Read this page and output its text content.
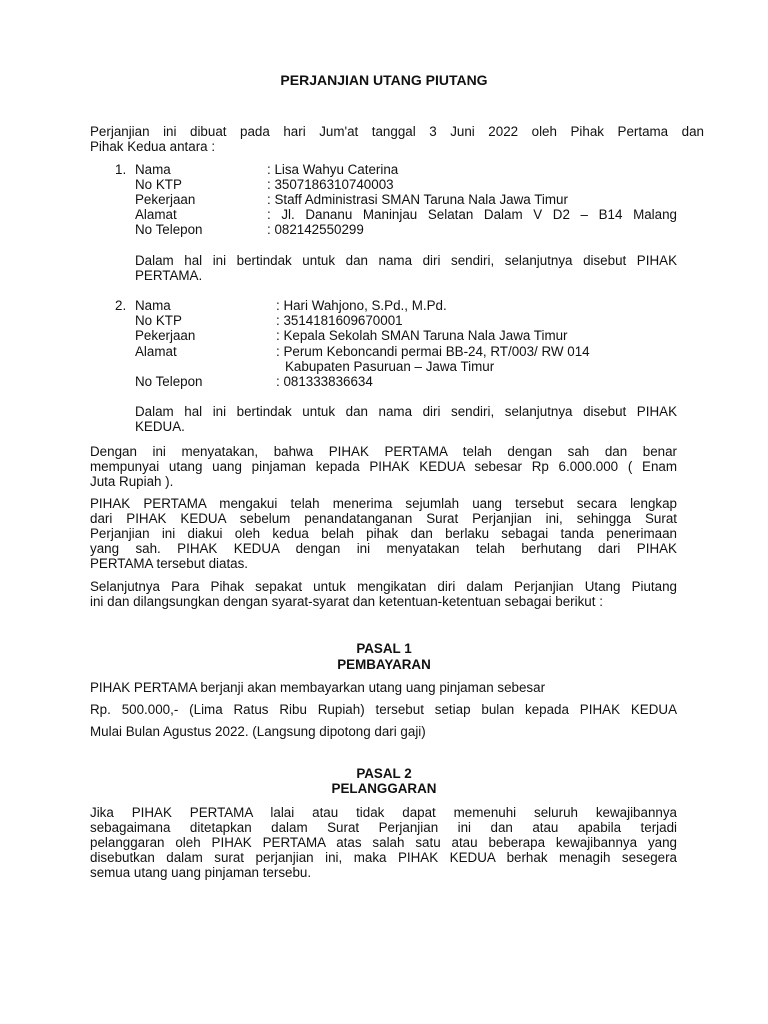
PERJANJIAN UTANG PIUTANG
Perjanjian ini dibuat pada hari Jum'at tanggal 3 Juni 2022 oleh Pihak Pertama dan
Pihak Kedua antara :
1. Nama	: Lisa Wahyu Caterina
No KTP	: 3507186310740003
Pekerjaan	: Staff Administrasi SMAN Taruna Nala Jawa Timur
Alamat	: Jl. Dananu Maninjau Selatan Dalam V D2 – B14 Malang
No Telepon	: 082142550299
Dalam hal ini bertindak untuk dan nama diri sendiri, selanjutnya disebut PIHAK
PERTAMA.
2. Nama	: Hari Wahjono, S.Pd., M.Pd.
No KTP	: 3514181609670001
Pekerjaan	: Kepala Sekolah SMAN Taruna Nala Jawa Timur
Alamat	: Perum Keboncandi permai BB-24, RT/003/ RW 014
Kabupaten Pasuruan – Jawa Timur
No Telepon	: 081333836634
Dalam hal ini bertindak untuk dan nama diri sendiri, selanjutnya disebut PIHAK
KEDUA.
Dengan ini menyatakan, bahwa PIHAK PERTAMA telah dengan sah dan benar
mempunyai utang uang pinjaman kepada PIHAK KEDUA sebesar Rp 6.000.000 ( Enam
Juta Rupiah ).
PIHAK PERTAMA mengakui telah menerima sejumlah uang tersebut secara lengkap
dari PIHAK KEDUA sebelum penandatanganan Surat Perjanjian ini, sehingga Surat
Perjanjian ini diakui oleh kedua belah pihak dan berlaku sebagai tanda penerimaan
yang sah. PIHAK KEDUA dengan ini menyatakan telah berhutang dari PIHAK
PERTAMA tersebut diatas.
Selanjutnya Para Pihak sepakat untuk mengikatan diri dalam Perjanjian Utang Piutang
ini dan dilangsungkan dengan syarat-syarat dan ketentuan-ketentuan sebagai berikut :
PASAL 1
PEMBAYARAN
PIHAK PERTAMA berjanji akan membayarkan utang uang pinjaman sebesar
Rp. 500.000,- (Lima Ratus Ribu Rupiah) tersebut setiap bulan kepada PIHAK KEDUA
Mulai Bulan Agustus 2022. (Langsung dipotong dari gaji)
PASAL 2
PELANGGARAN
Jika PIHAK PERTAMA lalai atau tidak dapat memenuhi seluruh kewajibannya
sebagaimana ditetapkan dalam Surat Perjanjian ini dan atau apabila terjadi
pelanggaran oleh PIHAK PERTAMA atas salah satu atau beberapa kewajibannya yang
disebutkan dalam surat perjanjian ini, maka PIHAK KEDUA berhak menagih sesegera
semua utang uang pinjaman tersebu.
